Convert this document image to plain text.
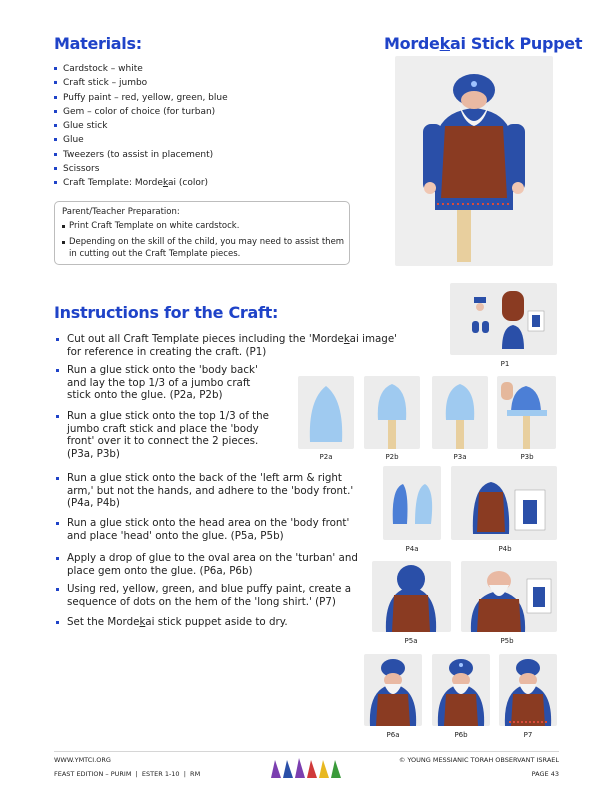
Materials:
Cardstock – white
Craft stick – jumbo
Puffy paint – red, yellow, green, blue
Gem – color of choice (for turban)
Glue stick
Glue
Tweezers (to assist in placement)
Scissors
Craft Template: Mordekai (color)
Mordekai Stick Puppet
Parent/Teacher Preparation:
Print Craft Template on white cardstock.
Depending on the skill of the child, you may need to assist them in cutting out the Craft Template pieces.
Instructions for the Craft:
Cut out all Craft Template pieces including the 'Mordekai image' for reference in creating the craft. (P1)
Run a glue stick onto the 'body back' and lay the top 1/3 of a jumbo craft stick onto the glue. (P2a, P2b)
Run a glue stick onto the top 1/3 of the jumbo craft stick and place the 'body front' over it to connect the 2 pieces. (P3a, P3b)
Run a glue stick onto the back of the 'left arm & right arm,' but not the hands, and adhere to the 'body front.' (P4a, P4b)
Run a glue stick onto the head area on the 'body front' and place 'head' onto the glue. (P5a, P5b)
Apply a drop of glue to the oval area on the 'turban' and place gem onto the glue. (P6a, P6b)
Using red, yellow, green, and blue puffy paint, create a sequence of dots on the hem of the 'long shirt.' (P7)
Set the Mordekai stick puppet aside to dry.
P1
P2a	P2b	P3a	P3b
P4a	P4b
P5a	P5b
P6a	P6b	P7
WWW.YMTCI.ORG
FEAST EDITION – PURIM  |  ESTER 1-10  |  RM
© YOUNG MESSIANIC TORAH OBSERVANT ISRAEL
PAGE 43
